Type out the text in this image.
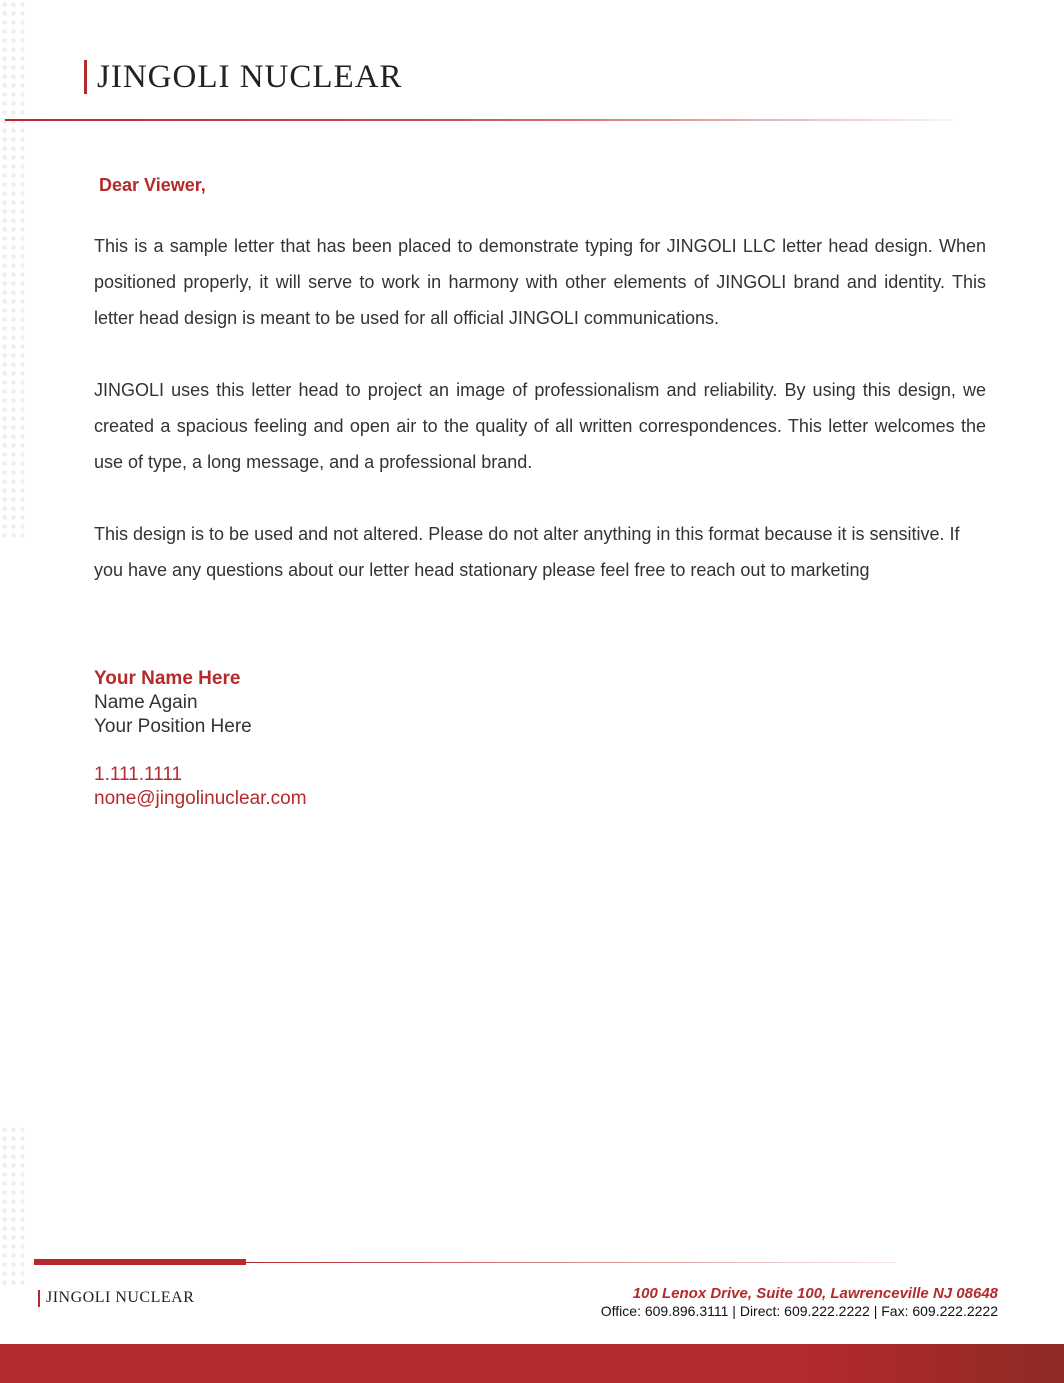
JINGOLI NUCLEAR
Dear Viewer,

This is a sample letter that has been placed to demonstrate typing for JINGOLI LLC letter head design. When positioned properly, it will serve to work in harmony with other elements of JINGOLI brand and identity. This letter head design is meant to be used for all official JINGOLI communications.

JINGOLI uses this letter head to project an image of professionalism and reliability. By using this design, we created a spacious feeling and open air to the quality of all written correspondences. This letter welcomes the use of type, a long message, and a professional brand.

This design is to be used and not altered. Please do not alter anything in this format because it is sensitive. If you have any questions about our letter head stationary please feel free to reach out to marketing

Your Name Here
Name Again
Your Position Here
1.111.1111
none@jingolinuclear.com
JINGOLI NUCLEAR	100 Lenox Drive, Suite 100, Lawrenceville NJ 08648
Office: 609.896.3111 | Direct: 609.222.2222 | Fax: 609.222.2222
